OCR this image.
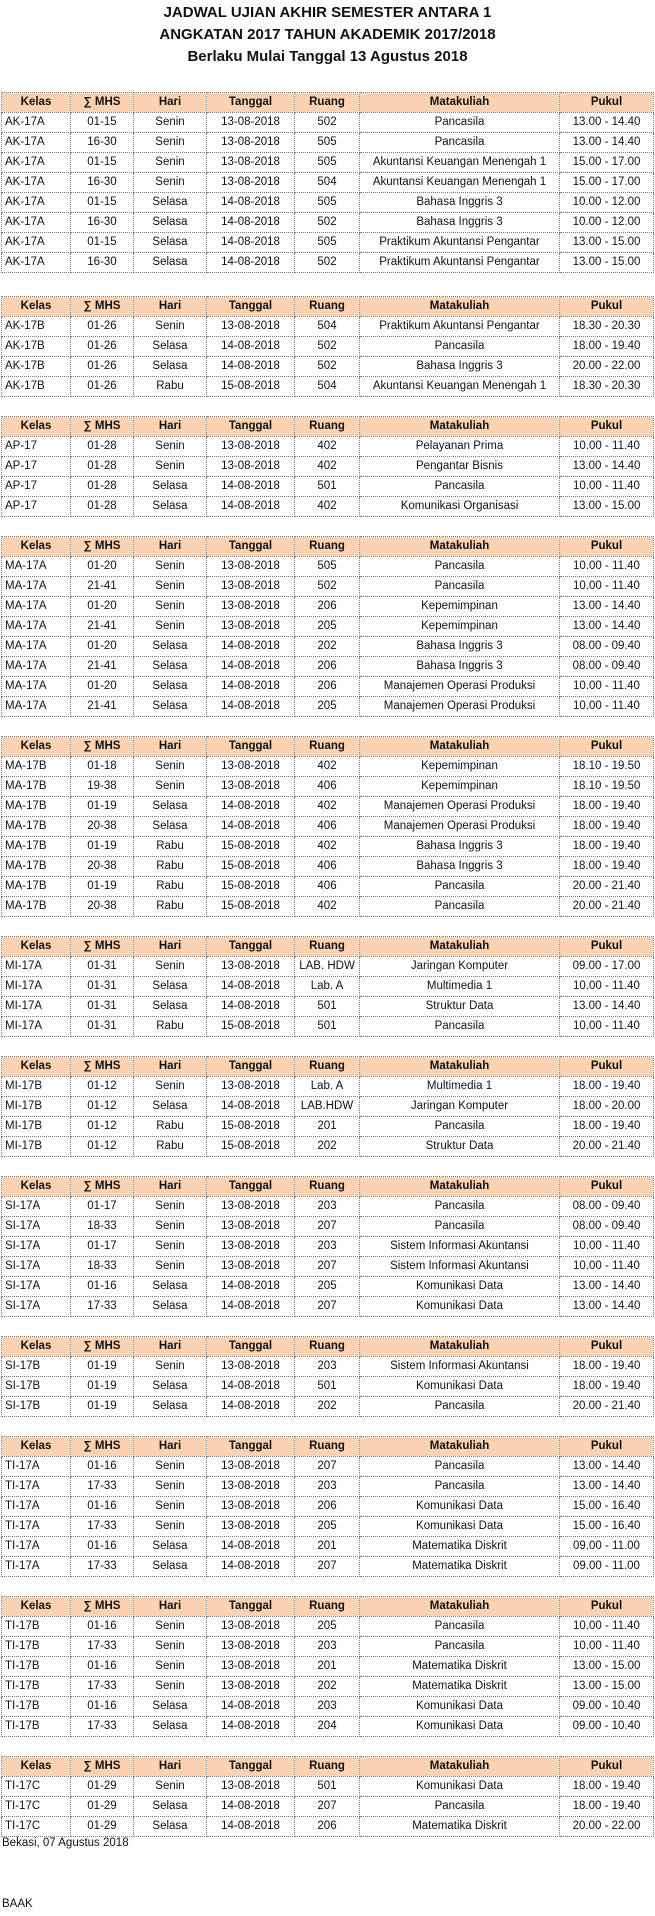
JADWAL UJIAN AKHIR SEMESTER ANTARA 1
ANGKATAN 2017 TAHUN AKADEMIK 2017/2018
Berlaku Mulai Tanggal 13 Agustus 2018
Kelas	∑ MHS	Hari	Tanggal	Ruang	Matakuliah	Pukul
AK-17A	01-15	Senin	13-08-2018	502	Pancasila	13.00 - 14.40
AK-17A	16-30	Senin	13-08-2018	505	Pancasila	13.00 - 14.40
AK-17A	01-15	Senin	13-08-2018	505	Akuntansi Keuangan Menengah 1	15.00 - 17.00
AK-17A	16-30	Senin	13-08-2018	504	Akuntansi Keuangan Menengah 1	15.00 - 17.00
AK-17A	01-15	Selasa	14-08-2018	505	Bahasa Inggris 3	10.00 - 12.00
AK-17A	16-30	Selasa	14-08-2018	502	Bahasa Inggris 3	10.00 - 12.00
AK-17A	01-15	Selasa	14-08-2018	505	Praktikum Akuntansi Pengantar	13.00 - 15.00
AK-17A	16-30	Selasa	14-08-2018	502	Praktikum Akuntansi Pengantar	13.00 - 15.00
Kelas	∑ MHS	Hari	Tanggal	Ruang	Matakuliah	Pukul
AK-17B	01-26	Senin	13-08-2018	504	Praktikum Akuntansi Pengantar	18.30 - 20.30
AK-17B	01-26	Selasa	14-08-2018	502	Pancasila	18.00 - 19.40
AK-17B	01-26	Selasa	14-08-2018	502	Bahasa Inggris 3	20.00 - 22.00
AK-17B	01-26	Rabu	15-08-2018	504	Akuntansi Keuangan Menengah 1	18.30 - 20.30
Kelas	∑ MHS	Hari	Tanggal	Ruang	Matakuliah	Pukul
AP-17	01-28	Senin	13-08-2018	402	Pelayanan Prima	10.00 - 11.40
AP-17	01-28	Senin	13-08-2018	402	Pengantar Bisnis	13.00 - 14.40
AP-17	01-28	Selasa	14-08-2018	501	Pancasila	10.00 - 11.40
AP-17	01-28	Selasa	14-08-2018	402	Komunikasi Organisasi	13.00 - 15.00
Kelas	∑ MHS	Hari	Tanggal	Ruang	Matakuliah	Pukul
MA-17A	01-20	Senin	13-08-2018	505	Pancasila	10.00 - 11.40
MA-17A	21-41	Senin	13-08-2018	502	Pancasila	10.00 - 11.40
MA-17A	01-20	Senin	13-08-2018	206	Kepemimpinan	13.00 - 14.40
MA-17A	21-41	Senin	13-08-2018	205	Kepemimpinan	13.00 - 14.40
MA-17A	01-20	Selasa	14-08-2018	202	Bahasa Inggris 3	08.00 - 09.40
MA-17A	21-41	Selasa	14-08-2018	206	Bahasa Inggris 3	08.00 - 09.40
MA-17A	01-20	Selasa	14-08-2018	206	Manajemen Operasi Produksi	10.00 - 11.40
MA-17A	21-41	Selasa	14-08-2018	205	Manajemen Operasi Produksi	10.00 - 11.40
Kelas	∑ MHS	Hari	Tanggal	Ruang	Matakuliah	Pukul
MA-17B	01-18	Senin	13-08-2018	402	Kepemimpinan	18.10 - 19.50
MA-17B	19-38	Senin	13-08-2018	406	Kepemimpinan	18.10 - 19.50
MA-17B	01-19	Selasa	14-08-2018	402	Manajemen Operasi Produksi	18.00 - 19.40
MA-17B	20-38	Selasa	14-08-2018	406	Manajemen Operasi Produksi	18.00 - 19.40
MA-17B	01-19	Rabu	15-08-2018	402	Bahasa Inggris 3	18.00 - 19.40
MA-17B	20-38	Rabu	15-08-2018	406	Bahasa Inggris 3	18.00 - 19.40
MA-17B	01-19	Rabu	15-08-2018	406	Pancasila	20.00 - 21.40
MA-17B	20-38	Rabu	15-08-2018	402	Pancasila	20.00 - 21.40
Kelas	∑ MHS	Hari	Tanggal	Ruang	Matakuliah	Pukul
MI-17A	01-31	Senin	13-08-2018	LAB. HDW	Jaringan Komputer	09.00 - 17.00
MI-17A	01-31	Selasa	14-08-2018	Lab. A	Multimedia 1	10.00 - 11.40
MI-17A	01-31	Selasa	14-08-2018	501	Struktur Data	13.00 - 14.40
MI-17A	01-31	Rabu	15-08-2018	501	Pancasila	10.00 - 11.40
Kelas	∑ MHS	Hari	Tanggal	Ruang	Matakuliah	Pukul
MI-17B	01-12	Senin	13-08-2018	Lab. A	Multimedia 1	18.00 - 19.40
MI-17B	01-12	Selasa	14-08-2018	LAB.HDW	Jaringan Komputer	18.00 - 20.00
MI-17B	01-12	Rabu	15-08-2018	201	Pancasila	18.00 - 19.40
MI-17B	01-12	Rabu	15-08-2018	202	Struktur Data	20.00 - 21.40
Kelas	∑ MHS	Hari	Tanggal	Ruang	Matakuliah	Pukul
SI-17A	01-17	Senin	13-08-2018	203	Pancasila	08.00 - 09.40
SI-17A	18-33	Senin	13-08-2018	207	Pancasila	08.00 - 09.40
SI-17A	01-17	Senin	13-08-2018	203	Sistem Informasi Akuntansi	10.00 - 11.40
SI-17A	18-33	Senin	13-08-2018	207	Sistem Informasi Akuntansi	10.00 - 11.40
SI-17A	01-16	Selasa	14-08-2018	205	Komunikasi Data	13.00 - 14.40
SI-17A	17-33	Selasa	14-08-2018	207	Komunikasi Data	13.00 - 14.40
Kelas	∑ MHS	Hari	Tanggal	Ruang	Matakuliah	Pukul
SI-17B	01-19	Senin	13-08-2018	203	Sistem Informasi Akuntansi	18.00 - 19.40
SI-17B	01-19	Selasa	14-08-2018	501	Komunikasi Data	18.00 - 19.40
SI-17B	01-19	Selasa	14-08-2018	202	Pancasila	20.00 - 21.40
Kelas	∑ MHS	Hari	Tanggal	Ruang	Matakuliah	Pukul
TI-17A	01-16	Senin	13-08-2018	207	Pancasila	13.00 - 14.40
TI-17A	17-33	Senin	13-08-2018	203	Pancasila	13.00 - 14.40
TI-17A	01-16	Senin	13-08-2018	206	Komunikasi Data	15.00 - 16.40
TI-17A	17-33	Senin	13-08-2018	205	Komunikasi Data	15.00 - 16.40
TI-17A	01-16	Selasa	14-08-2018	201	Matematika Diskrit	09.00 - 11.00
TI-17A	17-33	Selasa	14-08-2018	207	Matematika Diskrit	09.00 - 11.00
Kelas	∑ MHS	Hari	Tanggal	Ruang	Matakuliah	Pukul
TI-17B	01-16	Senin	13-08-2018	205	Pancasila	10.00 - 11.40
TI-17B	17-33	Senin	13-08-2018	203	Pancasila	10.00 - 11.40
TI-17B	01-16	Senin	13-08-2018	201	Matematika Diskrit	13.00 - 15.00
TI-17B	17-33	Senin	13-08-2018	202	Matematika Diskrit	13.00 - 15.00
TI-17B	01-16	Selasa	14-08-2018	203	Komunikasi Data	09.00 - 10.40
TI-17B	17-33	Selasa	14-08-2018	204	Komunikasi Data	09.00 - 10.40
Kelas	∑ MHS	Hari	Tanggal	Ruang	Matakuliah	Pukul
TI-17C	01-29	Senin	13-08-2018	501	Komunikasi Data	18.00 - 19.40
TI-17C	01-29	Selasa	14-08-2018	207	Pancasila	18.00 - 19.40
TI-17C	01-29	Selasa	14-08-2018	206	Matematika Diskrit	20.00 - 22.00
Bekasi, 07 Agustus 2018
BAAK
